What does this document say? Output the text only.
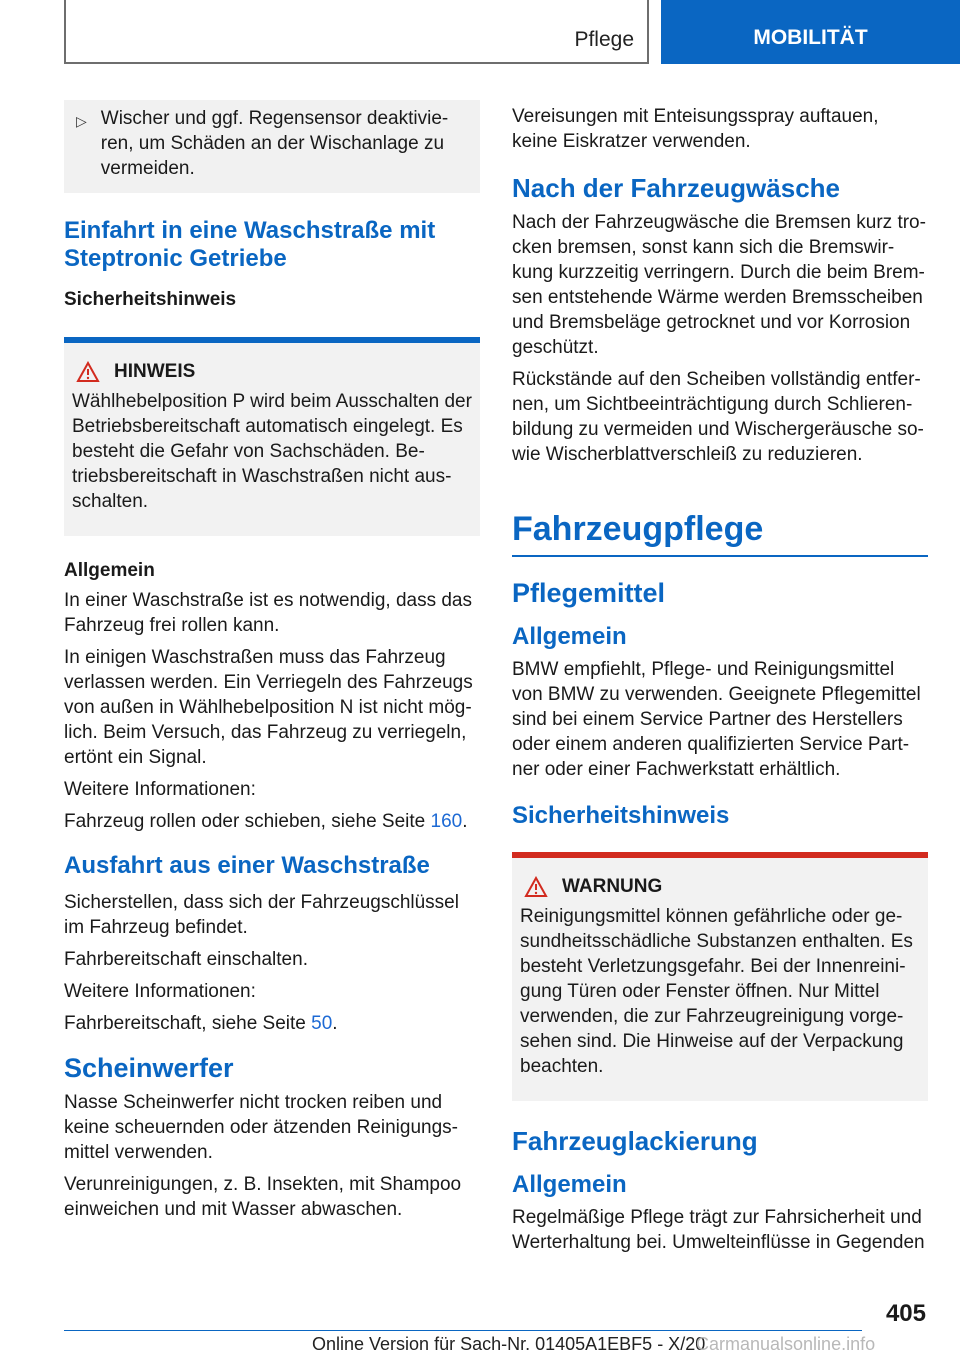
Pflege	MOBILITÄT
▷ Wischer und ggf. Regensensor deaktivie-ren, um Schäden an der Wischanlage zu vermeiden.
Einfahrt in eine Waschstraße mit Steptronic Getriebe
Sicherheitshinweis
HINWEIS

Wählhebelposition P wird beim Ausschalten der Betriebsbereitschaft automatisch eingelegt. Es besteht die Gefahr von Sachschäden. Be-triebsbereitschaft in Waschstraßen nicht aus-schalten.

Allgemein

In einer Waschstraße ist es notwendig, dass das Fahrzeug frei rollen kann.

In einigen Waschstraßen muss das Fahrzeug verlassen werden. Ein Verriegeln des Fahrzeugs von außen in Wählhebelposition N ist nicht mög-lich. Beim Versuch, das Fahrzeug zu verriegeln, ertönt ein Signal.

Weitere Informationen:

Fahrzeug rollen oder schieben, siehe Seite 160.

Ausfahrt aus einer Waschstraße

Sicherstellen, dass sich der Fahrzeugschlüssel im Fahrzeug befindet.

Fahrbereitschaft einschalten.

Weitere Informationen:

Fahrbereitschaft, siehe Seite 50.

Scheinwerfer

Nasse Scheinwerfer nicht trocken reiben und keine scheuernden oder ätzenden Reinigungs-mittel verwenden.

Verunreinigungen, z. B. Insekten, mit Shampoo einweichen und mit Wasser abwaschen.

Vereisungen mit Enteisungsspray auftauen, keine Eiskratzer verwenden.

Nach der Fahrzeugwäsche

Nach der Fahrzeugwäsche die Bremsen kurz tro-cken bremsen, sonst kann sich die Bremswir-kung kurzzeitig verringern. Durch die beim Brem-sen entstehende Wärme werden Bremsscheiben und Bremsbeläge getrocknet und vor Korrosion geschützt.

Rückstände auf den Scheiben vollständig entfer-nen, um Sichtbeeinträchtigung durch Schlieren-bildung zu vermeiden und Wischergeräusche so-wie Wischerblattverschleiß zu reduzieren.

Fahrzeugpflege
Pflegemittel
Allgemein

BMW empfiehlt, Pflege- und Reinigungsmittel von BMW zu verwenden. Geeignete Pflegemittel sind bei einem Service Partner des Herstellers oder einem anderen qualifizierten Service Part-ner oder einer Fachwerkstatt erhältlich.

Sicherheitshinweis
WARNUNG

Reinigungsmittel können gefährliche oder ge-sundheitsschädliche Substanzen enthalten. Es besteht Verletzungsgefahr. Bei der Innenreini-gung Türen oder Fenster öffnen. Nur Mittel verwenden, die zur Fahrzeugreinigung vorge-sehen sind. Die Hinweise auf der Verpackung beachten.

Fahrzeuglackierung
Allgemein

Regelmäßige Pflege trägt zur Fahrsicherheit und Werterhaltung bei. Umwelteinflüsse in Gegenden

405
Online Version für Sach-Nr. 01405A1EBF5 - X/20
Carmanualsonline.info
